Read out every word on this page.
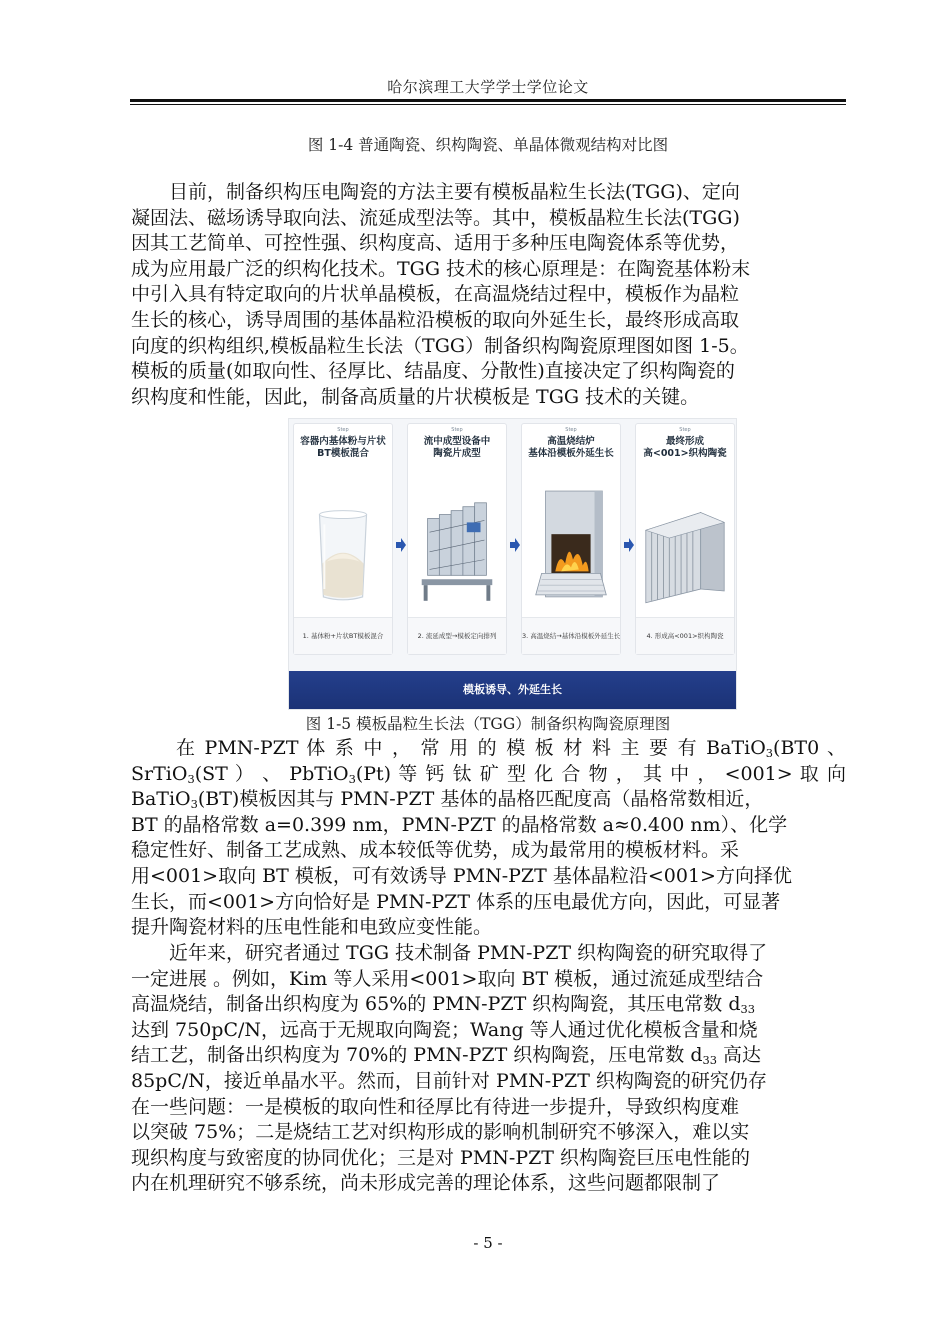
哈尔滨理工大学学士学位论文
图 1-4 普通陶瓷、织构陶瓷、单晶体微观结构对比图
目前，制备织构压电陶瓷的方法主要有模板晶粒生长法(TGG)、定向
凝固法、磁场诱导取向法、流延成型法等。其中，模板晶粒生长法(TGG)
因其工艺简单、可控性强、织构度高、适用于多种压电陶瓷体系等优势，
成为应用最广泛的织构化技术。TGG 技术的核心原理是：在陶瓷基体粉末
中引入具有特定取向的片状单晶模板，在高温烧结过程中，模板作为晶粒
生长的核心，诱导周围的基体晶粒沿模板的取向外延生长，最终形成高取
向度的织构组织,模板晶粒生长法（TGG）制备织构陶瓷原理图如图 1-5。
模板的质量(如取向性、径厚比、结晶度、分散性)直接决定了织构陶瓷的
织构度和性能，因此，制备高质量的片状模板是 TGG 技术的关键。
Step
容器内基体粉与片状
BT模板混合
1. 基体粉+片状BT模板混合
Step
流中成型设备中
陶瓷片成型
2. 流延成型→模板定向排列
Step
高温烧结炉
基体沿模板外延生长
3. 高温烧结→基体沿模板外延生长
Step
最终形成
高<001>织构陶瓷
4. 形成高<001>织构陶瓷
模板诱导、外延生长
图 1-5 模板晶粒生长法（TGG）制备织构陶瓷原理图
在 PMN-PZT 体 系 中 ， 常 用 的 模 板 材 料 主 要 有 BaTiO$_3$(BT0 、
SrTiO$_3$(ST ） 、 PbTiO$_3$(Pt) 等 钙 钛 矿 型 化 合 物 ， 其 中 ， <001> 取 向
BaTiO$_3$(BT)模板因其与 PMN-PZT 基体的晶格匹配度高（晶格常数相近，
BT 的晶格常数 a=0.399 nm，PMN-PZT 的晶格常数 a≈0.400 nm）、化学
稳定性好、制备工艺成熟、成本较低等优势，成为最常用的模板材料。采
用<001>取向 BT 模板，可有效诱导 PMN-PZT 基体晶粒沿<001>方向择优
生长，而<001>方向恰好是 PMN-PZT 体系的压电最优方向，因此，可显著
提升陶瓷材料的压电性能和电致应变性能。
近年来，研究者通过 TGG 技术制备 PMN-PZT 织构陶瓷的研究取得了
一定进展 。例如，Kim 等人采用<001>取向 BT 模板，通过流延成型结合
高温烧结，制备出织构度为 65%的 PMN-PZT 织构陶瓷，其压电常数 $d_{33}$
达到 750pC/N，远高于无规取向陶瓷；Wang 等人通过优化模板含量和烧
结工艺，制备出织构度为 70%的 PMN-PZT 织构陶瓷，压电常数 $d_{33}$ 高达
85pC/N，接近单晶水平。然而，目前针对 PMN-PZT 织构陶瓷的研究仍存
在一些问题：一是模板的取向性和径厚比有待进一步提升，导致织构度难
以突破 75%；二是烧结工艺对织构形成的影响机制研究不够深入，难以实
现织构度与致密度的协同优化；三是对 PMN-PZT 织构陶瓷巨压电性能的
内在机理研究不够系统，尚未形成完善的理论体系，这些问题都限制了
- 5 -
